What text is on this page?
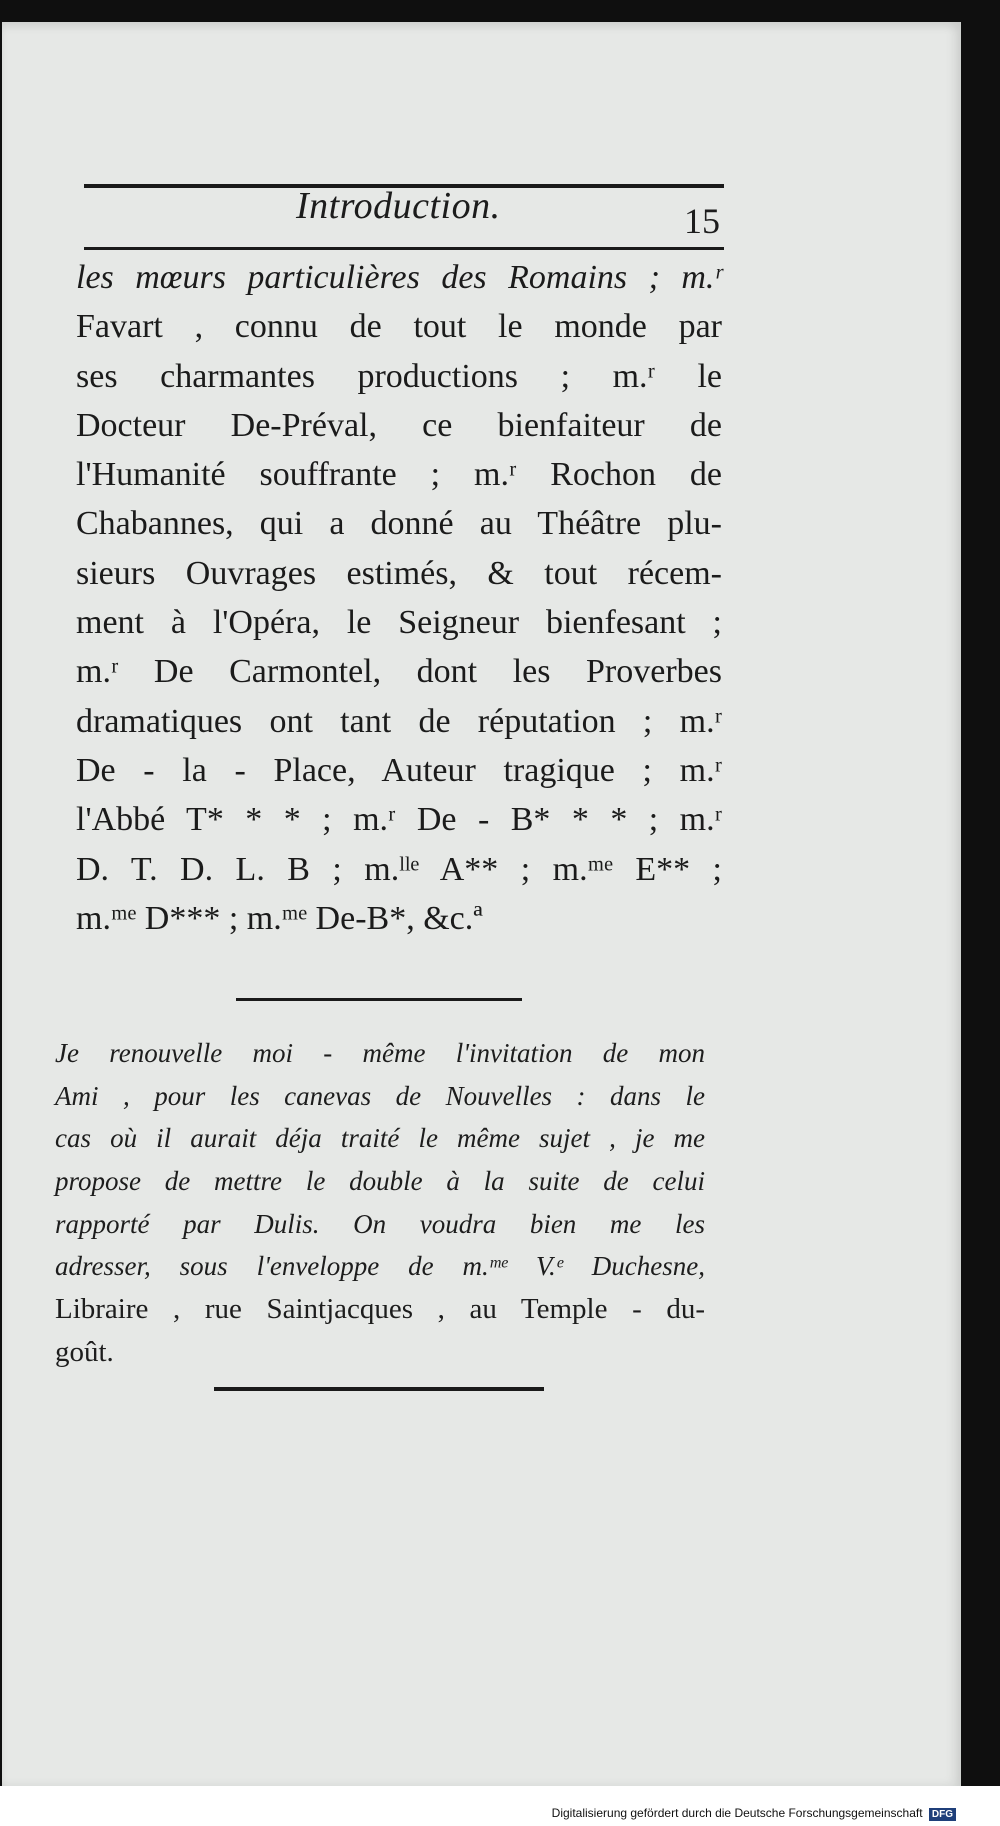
Introduction.	15
les mœurs particulières des Romains ; m.ʳ
Favart , connu de tout le monde par
ses charmantes productions ; m.ʳ le
Docteur De-Préval, ce bienfaiteur de
l'Humanité souffrante ; m.ʳ Rochon de
Chabannes, qui a donné au Théâtre plu-
sieurs Ouvrages estimés, & tout récem-
ment à l'Opéra, le Seigneur bienfesant ;
m.ʳ De Carmontel, dont les Proverbes
dramatiques ont tant de réputation ; m.ʳ
De - la - Place, Auteur tragique ; m.ʳ
l'Abbé T* * * ; m.ʳ De - B* * * ; m.ʳ
D. T. D. L. B ; m.ˡˡᵉ A** ; m.ᵐᵉ E** ;
m.ᵐᵉ D*** ; m.ᵐᵉ De-B*, &c.ª
Je renouvelle moi - même l'invitation de mon
Ami , pour les canevas de Nouvelles : dans le
cas où il aurait déja traité le même sujet , je me
propose de mettre le double à la suite de celui
rapporté par Dulis. On voudra bien me les
adresser, sous l'enveloppe de m.ᵐᵉ V.ᵉ Duchesne,
Libraire , rue Saintjacques , au Temple - du-
goût.
Digitalisierung gefördert durch die Deutsche Forschungsgemeinschaft DFG
